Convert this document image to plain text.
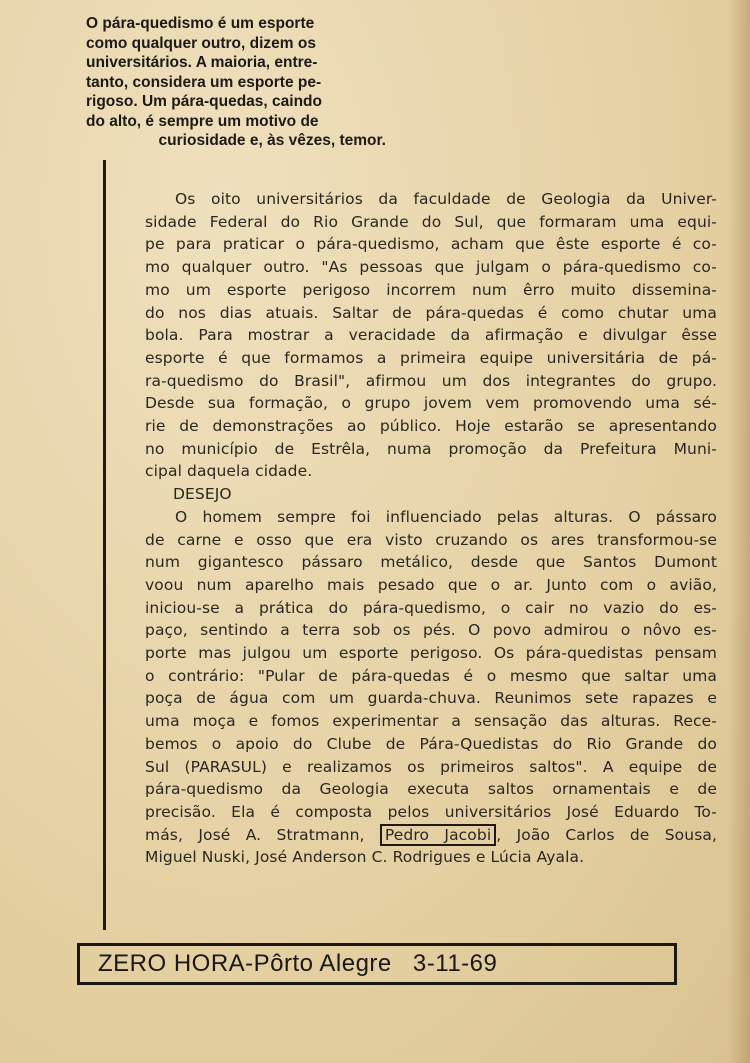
O pára-quedismo é um esporte
como qualquer outro, dizem os
universitários. A maioria, entre-
tanto, considera um esporte pe-
rigoso. Um pára-quedas, caindo
do alto, é sempre um motivo de
curiosidade e, às vêzes, temor.
Os oito universitários da faculdade de Geologia da Univer-
sidade Federal do Rio Grande do Sul, que formaram uma equi-
pe para praticar o pára-quedismo, acham que êste esporte é co-
mo qualquer outro. "As pessoas que julgam o pára-quedismo co-
mo um esporte perigoso incorrem num êrro muito dissemina-
do nos dias atuais. Saltar de pára-quedas é como chutar uma
bola. Para mostrar a veracidade da afirmação e divulgar êsse
esporte é que formamos a primeira equipe universitária de pá-
ra-quedismo do Brasil", afirmou um dos integrantes do grupo.
Desde sua formação, o grupo jovem vem promovendo uma sé-
rie de demonstrações ao público. Hoje estarão se apresentando
no município de Estrêla, numa promoção da Prefeitura Muni-
cipal daquela cidade.
DESEJO
O homem sempre foi influenciado pelas alturas. O pássaro
de carne e osso que era visto cruzando os ares transformou-se
num gigantesco pássaro metálico, desde que Santos Dumont
voou num aparelho mais pesado que o ar. Junto com o avião,
iniciou-se a prática do pára-quedismo, o cair no vazio do es-
paço, sentindo a terra sob os pés. O povo admirou o nôvo es-
porte mas julgou um esporte perigoso. Os pára-quedistas pensam
o contrário: "Pular de pára-quedas é o mesmo que saltar uma
poça de água com um guarda-chuva. Reunimos sete rapazes e
uma moça e fomos experimentar a sensação das alturas. Rece-
bemos o apoio do Clube de Pára-Quedistas do Rio Grande do
Sul (PARASUL) e realizamos os primeiros saltos". A equipe de
pára-quedismo da Geologia executa saltos ornamentais e de
precisão. Ela é composta pelos universitários José Eduardo To-
más, José A. Stratmann, Pedro Jacobi , João Carlos de Sousa,
Miguel Nuski, José Anderson C. Rodrigues e Lúcia Ayala.
ZERO HORA-Pôrto Alegre 3-11-69
